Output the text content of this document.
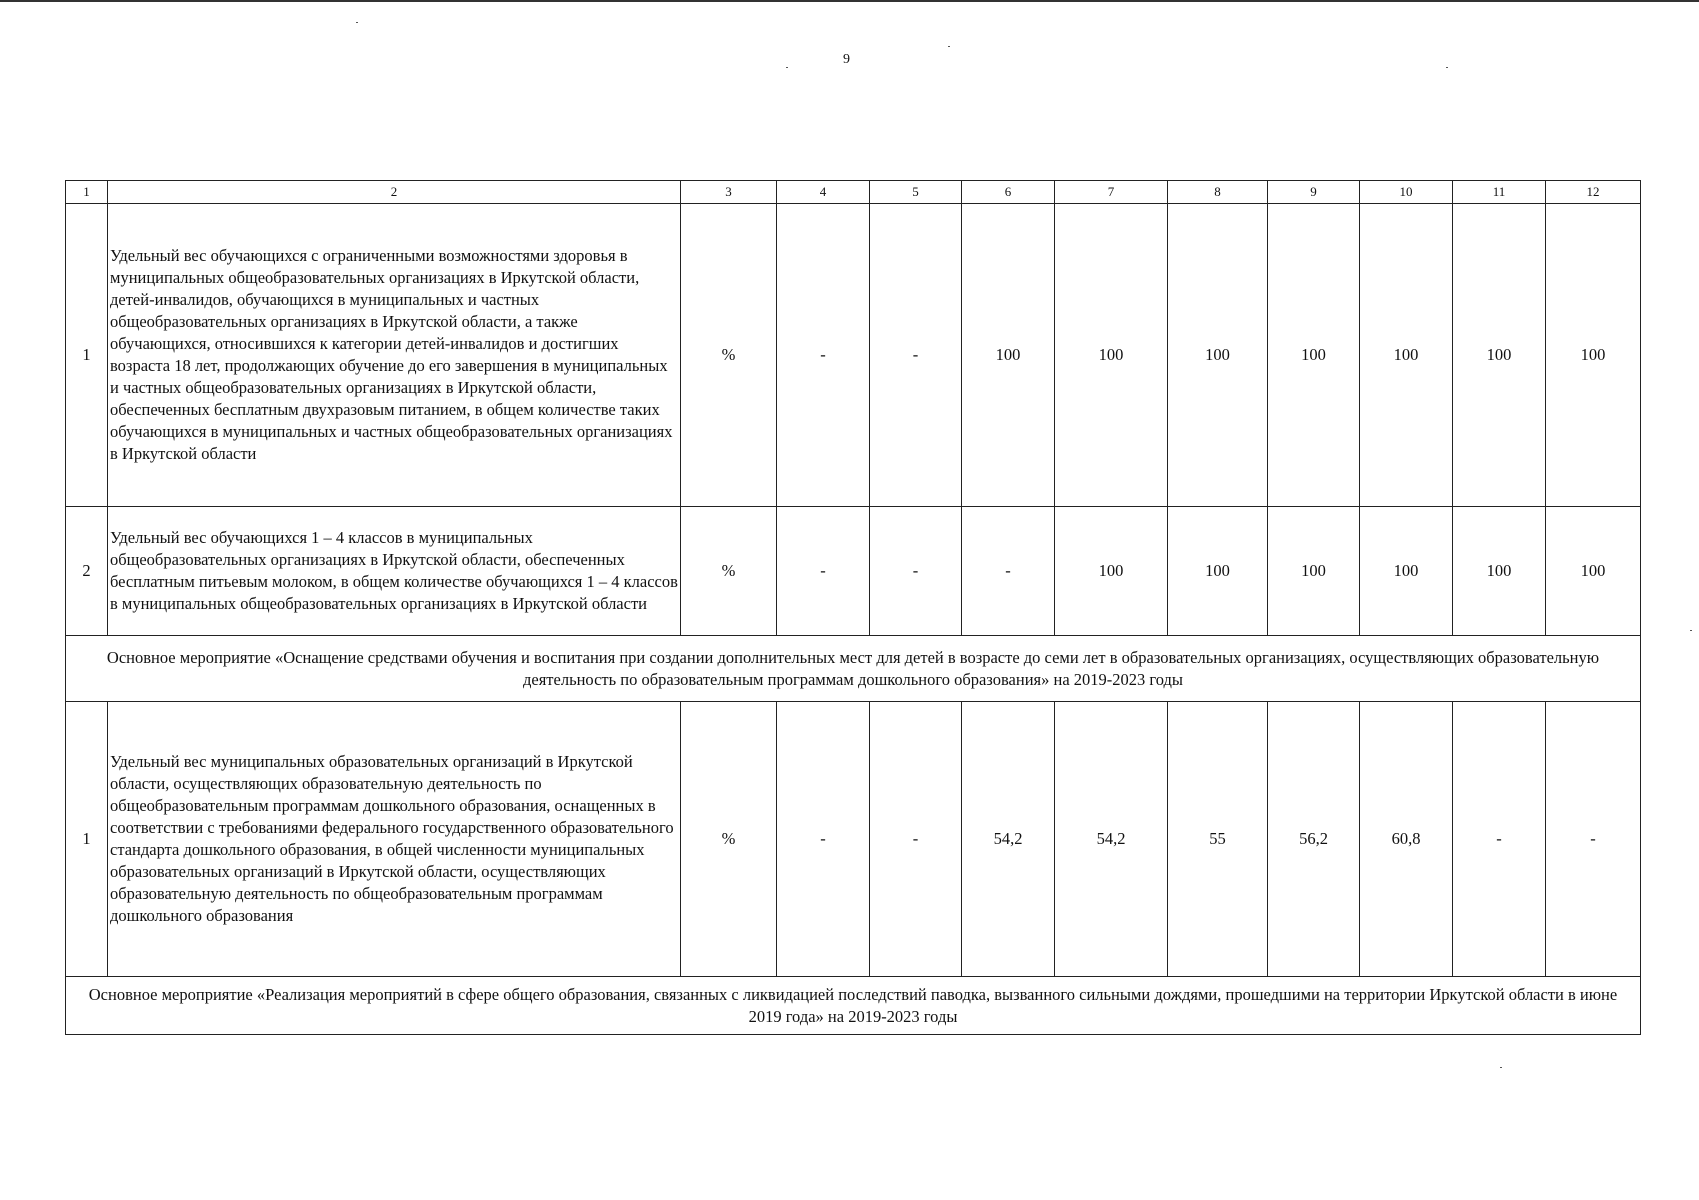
9
1	2	3	4	5	6	7	8	9	10	11	12
1	Удельный вес обучающихся с ограниченными возможностями здоровья в муниципальных общеобразовательных организациях в Иркутской области, детей-инвалидов, обучающихся в муниципальных и частных общеобразовательных организациях в Иркутской области, а также обучающихся, относившихся к категории детей-инвалидов и достигших возраста 18 лет, продолжающих обучение до его завершения в муниципальных и частных общеобразовательных организациях в Иркутской области, обеспеченных бесплатным двухразовым питанием, в общем количестве таких обучающихся в муниципальных и частных общеобразовательных организациях в Иркутской области	%	-	-	100	100	100	100	100	100	100
2	Удельный вес обучающихся 1 – 4 классов в муниципальных общеобразовательных организациях в Иркутской области, обеспеченных бесплатным питьевым молоком, в общем количестве обучающихся 1 – 4 классов в муниципальных общеобразовательных организациях в Иркутской области	%	-	-	-	100	100	100	100	100	100
Основное мероприятие «Оснащение средствами обучения и воспитания при создании дополнительных мест для детей в возрасте до семи лет в образовательных организациях, осуществляющих образовательную деятельность по образовательным программам дошкольного образования» на 2019-2023 годы											
1	Удельный вес муниципальных образовательных организаций в Иркутской области, осуществляющих образовательную деятельность по общеобразовательным программам дошкольного образования, оснащенных в соответствии с требованиями федерального государственного образовательного стандарта дошкольного образования, в общей численности муниципальных образовательных организаций в Иркутской области, осуществляющих образовательную деятельность по общеобразовательным программам дошкольного образования	%	-	-	54,2	54,2	55	56,2	60,8	-	-
Основное мероприятие «Реализация мероприятий в сфере общего образования, связанных с ликвидацией последствий паводка, вызванного сильными дождями, прошедшими на территории Иркутской области в июне 2019 года» на 2019-2023 годы											
